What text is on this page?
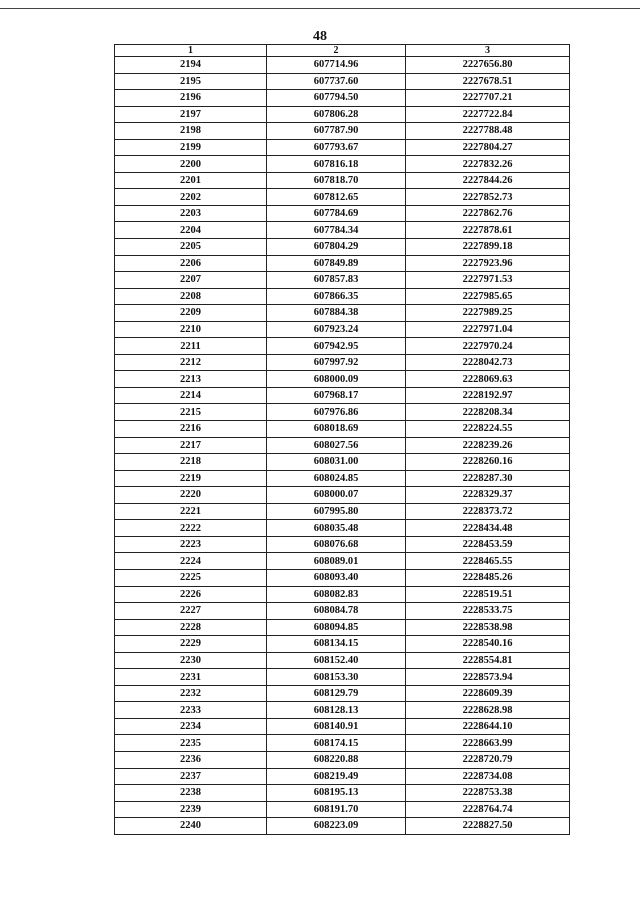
48
1	2	3
2194	607714.96	2227656.80
2195	607737.60	2227678.51
2196	607794.50	2227707.21
2197	607806.28	2227722.84
2198	607787.90	2227788.48
2199	607793.67	2227804.27
2200	607816.18	2227832.26
2201	607818.70	2227844.26
2202	607812.65	2227852.73
2203	607784.69	2227862.76
2204	607784.34	2227878.61
2205	607804.29	2227899.18
2206	607849.89	2227923.96
2207	607857.83	2227971.53
2208	607866.35	2227985.65
2209	607884.38	2227989.25
2210	607923.24	2227971.04
2211	607942.95	2227970.24
2212	607997.92	2228042.73
2213	608000.09	2228069.63
2214	607968.17	2228192.97
2215	607976.86	2228208.34
2216	608018.69	2228224.55
2217	608027.56	2228239.26
2218	608031.00	2228260.16
2219	608024.85	2228287.30
2220	608000.07	2228329.37
2221	607995.80	2228373.72
2222	608035.48	2228434.48
2223	608076.68	2228453.59
2224	608089.01	2228465.55
2225	608093.40	2228485.26
2226	608082.83	2228519.51
2227	608084.78	2228533.75
2228	608094.85	2228538.98
2229	608134.15	2228540.16
2230	608152.40	2228554.81
2231	608153.30	2228573.94
2232	608129.79	2228609.39
2233	608128.13	2228628.98
2234	608140.91	2228644.10
2235	608174.15	2228663.99
2236	608220.88	2228720.79
2237	608219.49	2228734.08
2238	608195.13	2228753.38
2239	608191.70	2228764.74
2240	608223.09	2228827.50
